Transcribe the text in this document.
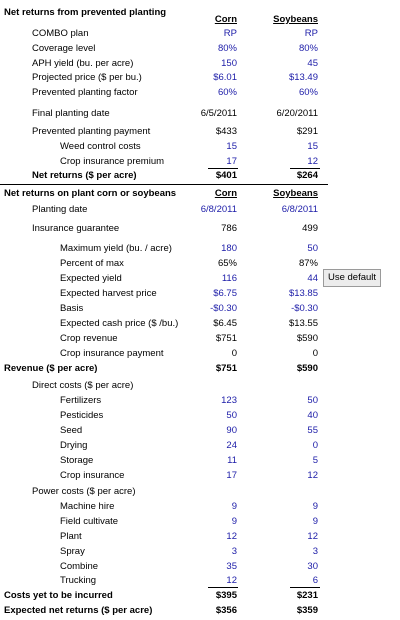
Net returns from prevented planting
Corn	Soybeans
COMBO plan	RP	RP
Coverage level	80%	80%
APH yield (bu. per acre)	150	45
Projected price ($ per bu.)	$6.01	$13.49
Prevented planting factor	60%	60%
Final planting date	6/5/2011	6/20/2011
Prevented planting payment	$433	$291
Weed control costs	15	15
Crop insurance premium	17	12
Net returns ($ per acre)	$401	$264
Net returns on plant corn or soybeans	Corn	Soybeans
Planting date	6/8/2011	6/8/2011
Insurance guarantee	786	499
Maximum yield (bu. / acre)	180	50
Percent of max	65%	87%
Expected yield	116	44	Use default
Expected harvest price	$6.75	$13.85
Basis	-$0.30	-$0.30
Expected cash price ($ /bu.)	$6.45	$13.55
Crop revenue	$751	$590
Crop insurance payment	0	0
Revenue ($ per acre)	$751	$590
Direct costs ($ per acre)
Fertilizers	123	50
Pesticides	50	40
Seed	90	55
Drying	24	0
Storage	11	5
Crop insurance	17	12
Power costs ($ per acre)
Machine hire	9	9
Field cultivate	9	9
Plant	12	12
Spray	3	3
Combine	35	30
Trucking	12	6
Costs yet to be incurred	$395	$231
Expected net returns ($ per acre)	$356	$359
